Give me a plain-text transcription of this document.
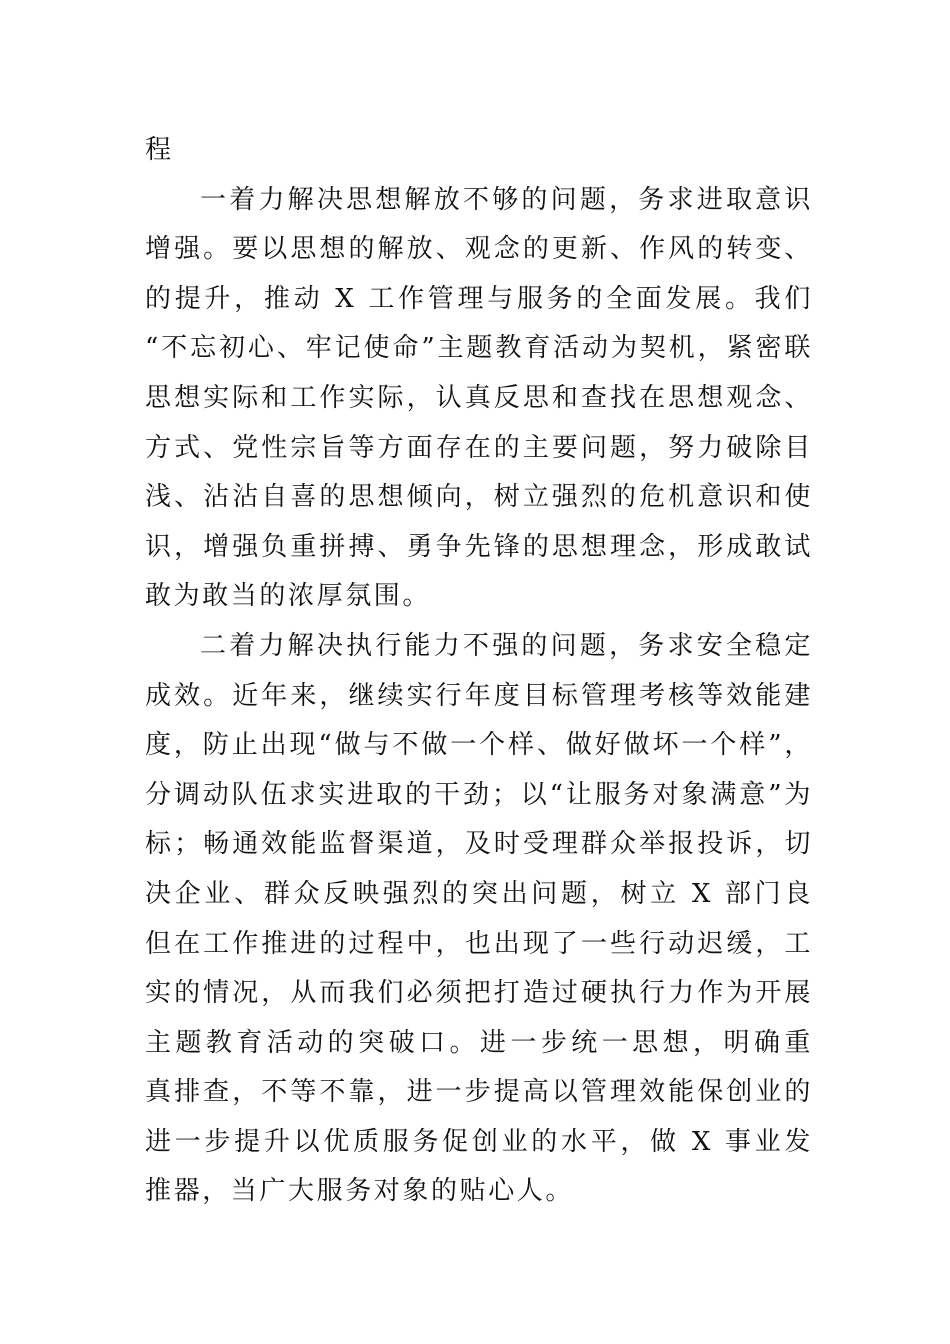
程
一着力解决思想解放不够的问题，务求进取意识
增强。要以思想的解放、观念的更新、作风的转变、
的提升，推动 X 工作管理与服务的全面发展。我们
“不忘初心、牢记使命”主题教育活动为契机，紧密联
思想实际和工作实际，认真反思和查找在思想观念、
方式、党性宗旨等方面存在的主要问题，努力破除目
浅、沾沾自喜的思想倾向，树立强烈的危机意识和使
识，增强负重拼搏、勇争先锋的思想理念，形成敢试
敢为敢当的浓厚氛围。
二着力解决执行能力不强的问题，务求安全稳定
成效。近年来，继续实行年度目标管理考核等效能建
度，防止出现“做与不做一个样、做好做坏一个样”，
分调动队伍求实进取的干劲；以“让服务对象满意”为
标；畅通效能监督渠道，及时受理群众举报投诉，切
决企业、群众反映强烈的突出问题，树立 X 部门良
但在工作推进的过程中，也出现了一些行动迟缓，工
实的情况，从而我们必须把打造过硬执行力作为开展
主题教育活动的突破口。进一步统一思想，明确重
真排查，不等不靠，进一步提高以管理效能保创业的
进一步提升以优质服务促创业的水平，做 X 事业发
推器，当广大服务对象的贴心人。
